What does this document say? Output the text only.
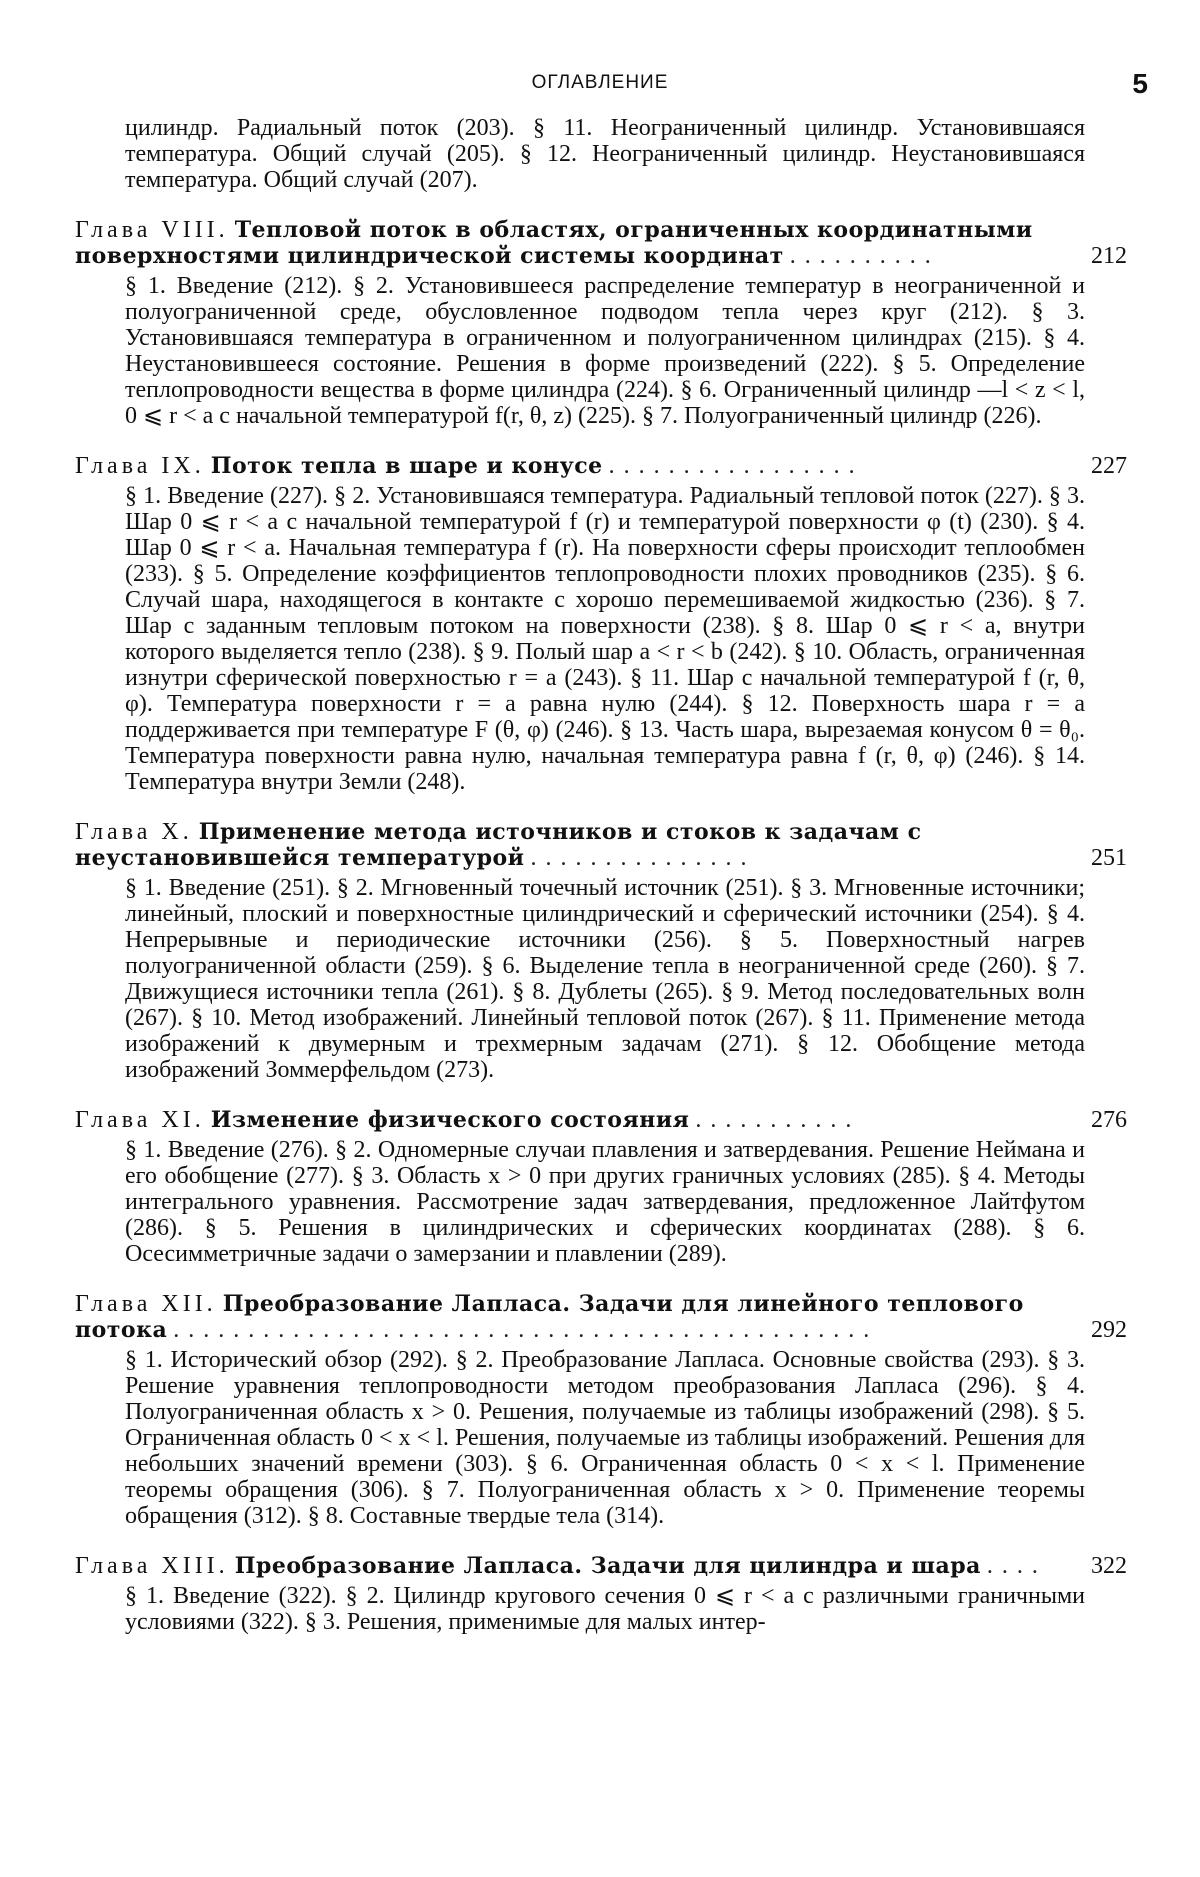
ОГЛАВЛЕНИЕ	5
цилиндр. Радиальный поток (203). § 11. Неограниченный цилиндр. Установившаяся температура. Общий случай (205). § 12. Неограниченный цилиндр. Неустановившаяся температура. Общий случай (207).
Глава VIII. Тепловой поток в областях, ограниченных координатными поверхностями цилиндрической системы координат ..........	212
§ 1. Введение (212). § 2. Установившееся распределение температур в неограниченной и полуограниченной среде, обусловленное подводом тепла через круг (212). § 3. Установившаяся температура в ограниченном и полуограниченном цилиндрах (215). § 4. Неустановившееся состояние. Решения в форме произведений (222). § 5. Определение теплопроводности вещества в форме цилиндра (224). § 6. Ограниченный цилиндр —l < z < l, 0 ⩽ r < a с начальной температурой f(r, θ, z) (225). § 7. Полуограниченный цилиндр (226).
Глава IX. Поток тепла в шаре и конусе .................	227
§ 1. Введение (227). § 2. Установившаяся температура. Радиальный тепловой поток (227). § 3. Шар 0 ⩽ r < a с начальной температурой f (r) и температурой поверхности φ (t) (230). § 4. Шар 0 ⩽ r < a. Начальная температура f (r). На поверхности сферы происходит теплообмен (233). § 5. Определение коэффициентов теплопроводности плохих проводников (235). § 6. Случай шара, находящегося в контакте с хорошо перемешиваемой жидкостью (236). § 7. Шар с заданным тепловым потоком на поверхности (238). § 8. Шар 0 ⩽ r < a, внутри которого выделяется тепло (238). § 9. Полый шар a < r < b (242). § 10. Область, ограниченная изнутри сферической поверхностью r = a (243). § 11. Шар с начальной температурой f (r, θ, φ). Температура поверхности r = a равна нулю (244). § 12. Поверхность шара r = a поддерживается при температуре F (θ, φ) (246). § 13. Часть шара, вырезаемая конусом θ = θ₀. Температура поверхности равна нулю, начальная температура равна f (r, θ, φ) (246). § 14. Температура внутри Земли (248).
Глава X. Применение метода источников и стоков к задачам с неустановившейся температурой ...............	251
§ 1. Введение (251). § 2. Мгновенный точечный источник (251). § 3. Мгновенные источники; линейный, плоский и поверхностные цилиндрический и сферический источники (254). § 4. Непрерывные и периодические источники (256). § 5. Поверхностный нагрев полуограниченной области (259). § 6. Выделение тепла в неограниченной среде (260). § 7. Движущиеся источники тепла (261). § 8. Дублеты (265). § 9. Метод последовательных волн (267). § 10. Метод изображений. Линейный тепловой поток (267). § 11. Применение метода изображений к двумерным и трехмерным задачам (271). § 12. Обобщение метода изображений Зоммерфельдом (273).
Глава XI. Изменение физического состояния ...........	276
§ 1. Введение (276). § 2. Одномерные случаи плавления и затвердевания. Решение Неймана и его обобщение (277). § 3. Область x > 0 при других граничных условиях (285). § 4. Методы интегрального уравнения. Рассмотрение задач затвердевания, предложенное Лайтфутом (286). § 5. Решения в цилиндрических и сферических координатах (288). § 6. Осесимметричные задачи о замерзании и плавлении (289).
Глава XII. Преобразование Лапласа. Задачи для линейного теплового потока ...............................................	292
§ 1. Исторический обзор (292). § 2. Преобразование Лапласа. Основные свойства (293). § 3. Решение уравнения теплопроводности методом преобразования Лапласа (296). § 4. Полуограниченная область x > 0. Решения, получаемые из таблицы изображений (298). § 5. Ограниченная область 0 < x < l. Решения, получаемые из таблицы изображений. Решения для небольших значений времени (303). § 6. Ограниченная область 0 < x < l. Применение теоремы обращения (306). § 7. Полуограниченная область x > 0. Применение теоремы обращения (312). § 8. Составные твердые тела (314).
Глава XIII. Преобразование Лапласа. Задачи для цилиндра и шара ....	322
§ 1. Введение (322). § 2. Цилиндр кругового сечения 0 ⩽ r < a с различными граничными условиями (322). § 3. Решения, применимые для малых интер-
